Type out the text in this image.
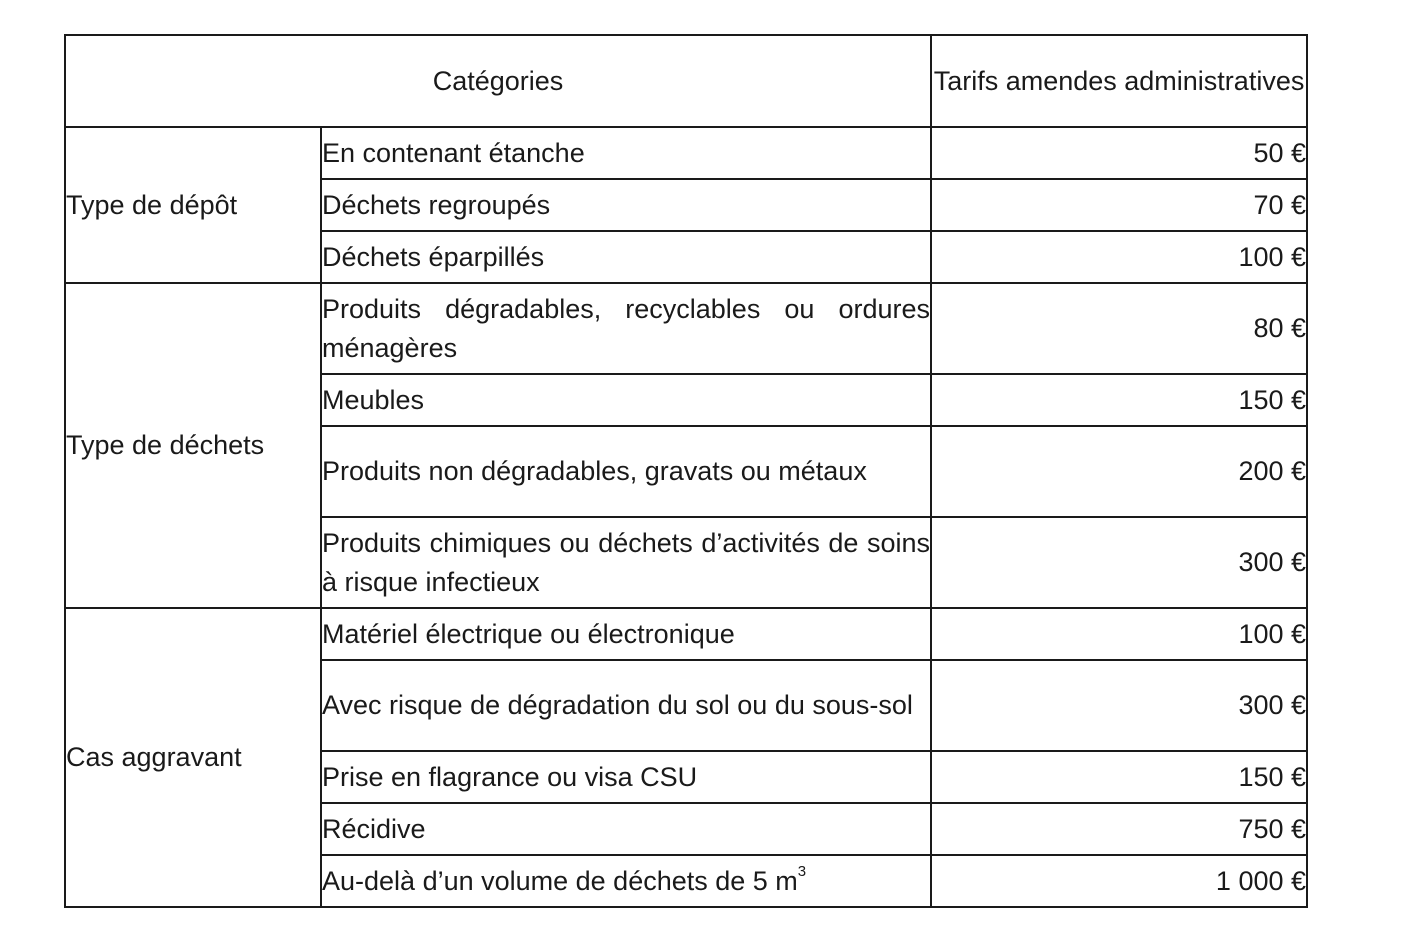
Catégories		Tarifs amendes administratives
Type de dépôt	En contenant étanche	50 €
	Déchets regroupés	70 €
	Déchets éparpillés	100 €
Type de déchets	Produits dégradables, recyclables ou ordures ménagères	80 €
	Meubles	150 €
	Produits non dégradables, gravats ou métaux	200 €
	Produits chimiques ou déchets d’activités de soins à risque infectieux	300 €
Cas aggravant	Matériel électrique ou électronique	100 €
	Avec risque de dégradation du sol ou du sous-sol	300 €
	Prise en flagrance ou visa CSU	150 €
	Récidive	750 €
	Au-delà d’un volume de déchets de 5 $m^3$	1 000 €
